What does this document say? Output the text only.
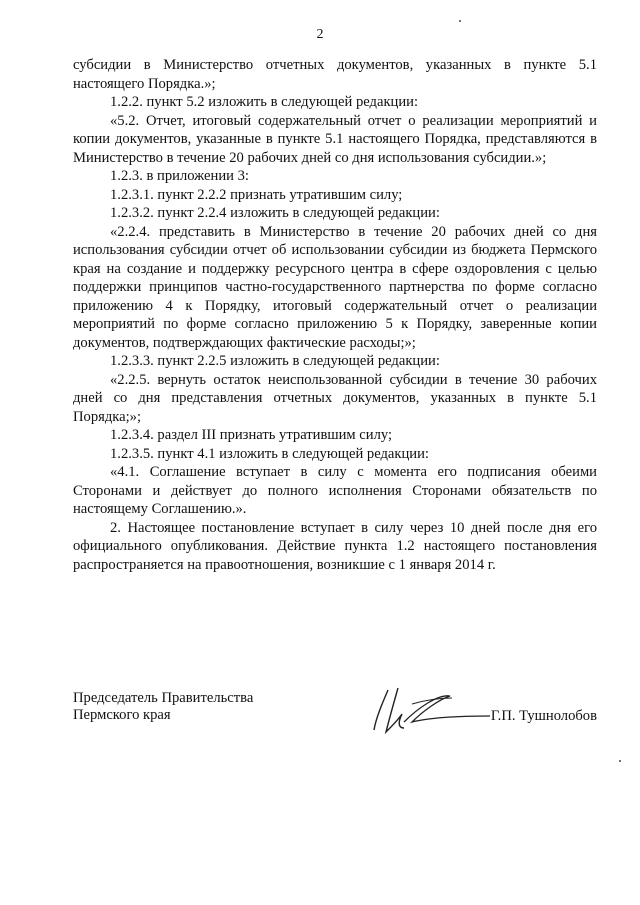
2

субсидии в Министерство отчетных документов, указанных в пункте 5.1 настоящего Порядка.»;

1.2.2. пункт 5.2 изложить в следующей редакции:

«5.2. Отчет, итоговый содержательный отчет о реализации мероприятий и копии документов, указанные в пункте 5.1 настоящего Порядка, представляются в Министерство в течение 20 рабочих дней со дня использования субсидии.»;

1.2.3. в приложении 3:

1.2.3.1. пункт 2.2.2 признать утратившим силу;

1.2.3.2. пункт 2.2.4 изложить в следующей редакции:

«2.2.4. представить в Министерство в течение 20 рабочих дней со дня использования субсидии отчет об использовании субсидии из бюджета Пермского края на создание и поддержку ресурсного центра в сфере оздоровления с целью поддержки принципов частно-государственного партнерства по форме согласно приложению 4 к Порядку, итоговый содержательный отчет о реализации мероприятий по форме согласно приложению 5 к Порядку, заверенные копии документов, подтверждающих фактические расходы;»;

1.2.3.3. пункт 2.2.5 изложить в следующей редакции:

«2.2.5. вернуть остаток неиспользованной субсидии в течение 30 рабочих дней со дня представления отчетных документов, указанных в пункте 5.1 Порядка;»;

1.2.3.4. раздел III признать утратившим силу;

1.2.3.5. пункт 4.1 изложить в следующей редакции:

«4.1. Соглашение вступает в силу с момента его подписания обеими Сторонами и действует до полного исполнения Сторонами обязательств по настоящему Соглашению.».

2. Настоящее постановление вступает в силу через 10 дней после дня его официального опубликования. Действие пункта 1.2 настоящего постановления распространяется на правоотношения, возникшие с 1 января 2014 г.

Председатель Правительства
Пермского края	Г.П. Тушнолобов
